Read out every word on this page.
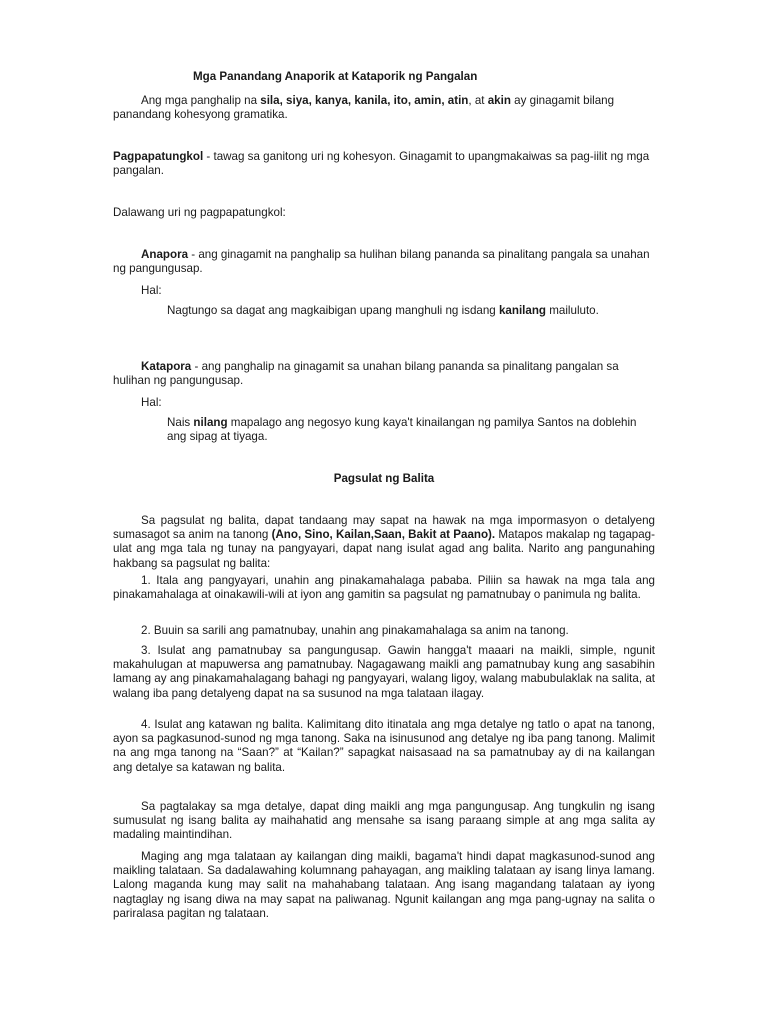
Mga Panandang Anaporik at Kataporik ng Pangalan

Ang mga panghalip na sila, siya, kanya, kanila, ito, amin, atin, at akin ay ginagamit bilang panandang kohesyong gramatika.

Pagpapatungkol - tawag sa ganitong uri ng kohesyon. Ginagamit to upangmakaiwas sa pag-iilit ng mga pangalan.

Dalawang uri ng pagpapatungkol:

Anapora - ang ginagamit na panghalip sa hulihan bilang pananda sa pinalitang pangala sa unahan ng pangungusap.

Hal:

Nagtungo sa dagat ang magkaibigan upang manghuli ng isdang kanilang mailuluto.

Katapora - ang panghalip na ginagamit sa unahan bilang pananda sa pinalitang pangalan sa hulihan ng pangungusap.

Hal:

Nais nilang mapalago ang negosyo kung kaya't kinailangan ng pamilya Santos na doblehin ang sipag at tiyaga.

Pagsulat ng Balita

Sa pagsulat ng balita, dapat tandaang may sapat na hawak na mga impormasyon o detalyeng sumasagot sa anim na tanong (Ano, Sino, Kailan,Saan, Bakit at Paano). Matapos makalap ng tagapag-ulat ang mga tala ng tunay na pangyayari, dapat nang isulat agad ang balita. Narito ang pangunahing hakbang sa pagsulat ng balita:

1. Itala ang pangyayari, unahin ang pinakamahalaga pababa. Piliin sa hawak na mga tala ang pinakamahalaga at oinakawili-wili at iyon ang gamitin sa pagsulat ng pamatnubay o panimula ng balita.

2. Buuin sa sarili ang pamatnubay, unahin ang pinakamahalaga sa anim na tanong.

3. Isulat ang pamatnubay sa pangungusap. Gawin hangga't maaari na maikli, simple, ngunit makahulugan at mapuwersa ang pamatnubay. Nagagawang maikli ang pamatnubay kung ang sasabihin lamang ay ang pinakamahalagang bahagi ng pangyayari, walang ligoy, walang mabubulaklak na salita, at walang iba pang detalyeng dapat na sa susunod na mga talataan ilagay.

4. Isulat ang katawan ng balita. Kalimitang dito itinatala ang mga detalye ng tatlo o apat na tanong, ayon sa pagkasunod-sunod ng mga tanong. Saka na isinusunod ang detalye ng iba pang tanong. Malimit na ang mga tanong na “Saan?” at “Kailan?” sapagkat naisasaad na sa pamatnubay ay di na kailangan ang detalye sa katawan ng balita.

Sa pagtalakay sa mga detalye, dapat ding maikli ang mga pangungusap. Ang tungkulin ng isang sumusulat ng isang balita ay maihahatid ang mensahe sa isang paraang simple at ang mga salita ay madaling maintindihan.

Maging ang mga talataan ay kailangan ding maikli, bagama't hindi dapat magkasunod-sunod ang maikling talataan. Sa dadalawahing kolumnang pahayagan, ang maikling talataan ay isang linya lamang. Lalong maganda kung may salit na mahahabang talataan. Ang isang magandang talataan ay iyong nagtaglay ng isang diwa na may sapat na paliwanag. Ngunit kailangan ang mga pang-ugnay na salita o pariralasa pagitan ng talataan.
